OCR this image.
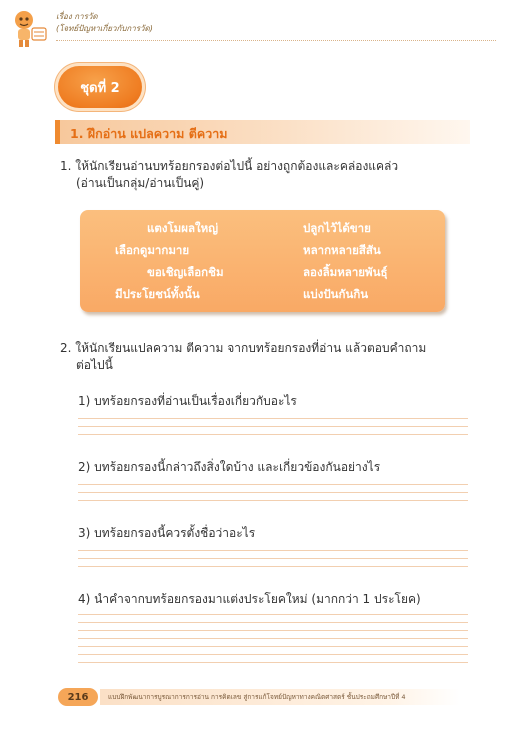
เรื่อง การวัด
(โจทย์ปัญหาเกี่ยวกับการวัด)
ชุดที่ 2
1. ฝึกอ่าน แปลความ ตีความ
1. ให้นักเรียนอ่านบทร้อยกรองต่อไปนี้ อย่างถูกต้องและคล่องแคล่ว
(อ่านเป็นกลุ่ม/อ่านเป็นคู่)
แตงโมผลใหญ่
เลือกดูมากมาย
ขอเชิญเลือกชิม
มีประโยชน์ทั้งนั้น
ปลูกไว้ได้ขาย
หลากหลายสีสัน
ลองลิ้มหลายพันธุ์
แบ่งปันกันกิน
2. ให้นักเรียนแปลความ ตีความ จากบทร้อยกรองที่อ่าน แล้วตอบคำถาม
ต่อไปนี้
1) บทร้อยกรองที่อ่านเป็นเรื่องเกี่ยวกับอะไร
2) บทร้อยกรองนี้กล่าวถึงสิ่งใดบ้าง และเกี่ยวข้องกันอย่างไร
3) บทร้อยกรองนี้ควรตั้งชื่อว่าอะไร
4) นำคำจากบทร้อยกรองมาแต่งประโยคใหม่ (มากกว่า 1 ประโยค)
216	แบบฝึกพัฒนาการบูรณาการการอ่าน การคิดเลข สู่การแก้โจทย์ปัญหาทางคณิตศาสตร์ ชั้นประถมศึกษาปีที่ 4
